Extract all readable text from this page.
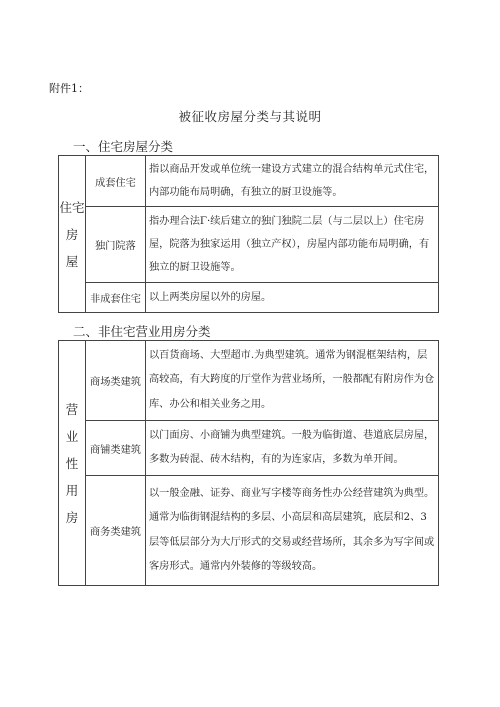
附件1：
被征收房屋分类与其说明
一、住宅房屋分类
住宅
房
屋	成套住宅	指以商品开发或单位统一建设方式建立的混合结构单元式住宅，内部功能布局明确，有独立的厨卫设施等。
	独门院落	指办理合法Γ·续后建立的独门独院二层（与二层以上）住宅房屋，院落为独家运用（独立产权），房屋内部功能布局明确，有独立的厨卫设施等。
	非成套住宅	以上两类房屋以外的房屋。
二、非住宅营业用房分类
营
业
性
用
房	商场类建筑	以百货商场、大型超市.为典型建筑。通常为钢混框架结构，层高较高，有大跨度的厅堂作为营业场所，一般都配有附房作为仓库、办公和相关业务之用。
	商铺类建筑	以门面房、小商铺为典型建筑。一般为临街道、巷道底层房屋，多数为砖混、砖木结构，有的为连家店，多数为单开间。
	商务类建筑	以一般金融、证券、商业写字楼等商务性办公经营建筑为典型。通常为临街钢混结构的多层、小高层和高层建筑，底层和2、3层等低层部分为大厅形式的交易或经营场所，其余多为写字间或客房形式。通常内外装修的等级较高。
